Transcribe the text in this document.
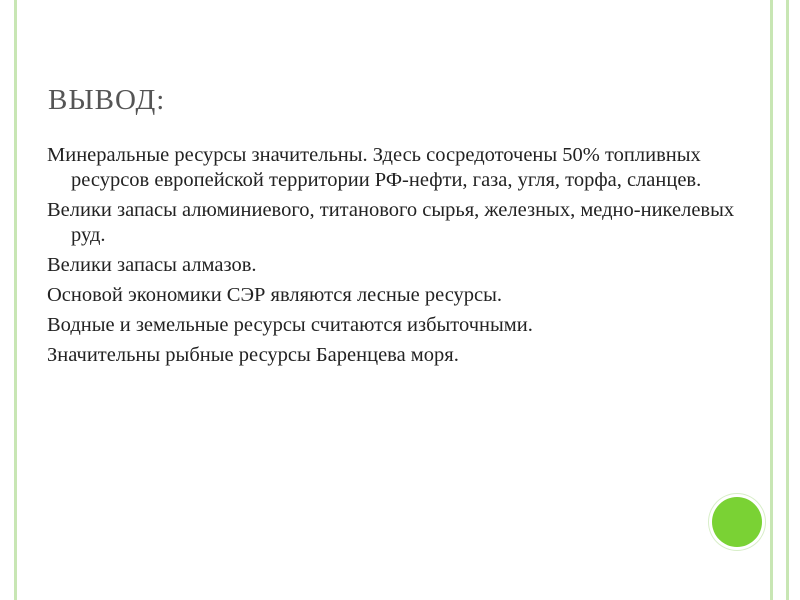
ВЫВОД:

Минеральные ресурсы значительны. Здесь сосредоточены 50% топливных ресурсов европейской территории РФ-нефти, газа, угля, торфа, сланцев.

Велики запасы алюминиевого, титанового сырья, железных, медно-никелевых руд.

Велики запасы алмазов.

Основой экономики СЭР являются лесные ресурсы.

Водные и земельные ресурсы считаются избыточными.

Значительны рыбные ресурсы Баренцева моря.
